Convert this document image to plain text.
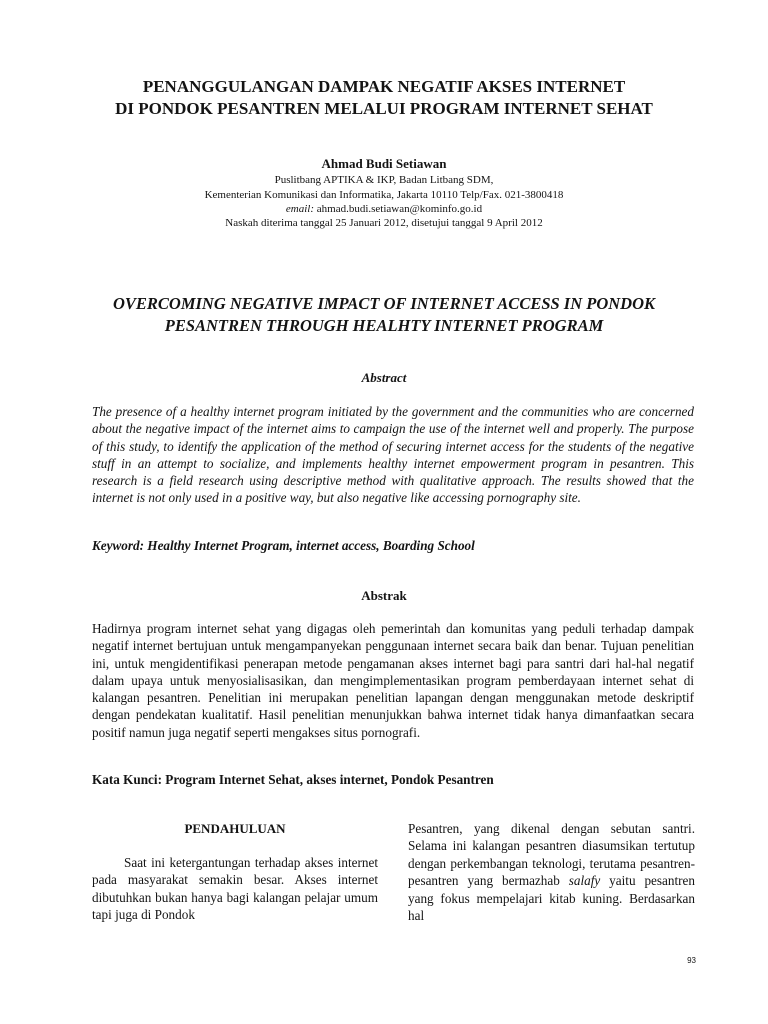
PENANGGULANGAN DAMPAK NEGATIF AKSES INTERNET
DI PONDOK PESANTREN MELALUI PROGRAM INTERNET SEHAT
Ahmad Budi Setiawan
Puslitbang APTIKA & IKP, Badan Litbang SDM,
Kementerian Komunikasi dan Informatika, Jakarta 10110 Telp/Fax. 021-3800418
email: ahmad.budi.setiawan@kominfo.go.id
Naskah diterima tanggal 25 Januari 2012, disetujui tanggal 9 April 2012
OVERCOMING NEGATIVE IMPACT OF INTERNET ACCESS IN PONDOK
PESANTREN THROUGH HEALHTY INTERNET PROGRAM
Abstract

The presence of a healthy internet program initiated by the government and the communities who are concerned about the negative impact of the internet aims to campaign the use of the internet well and properly. The purpose of this study, to identify the application of the method of securing internet access for the students of the negative stuff in an attempt to socialize, and implements healthy internet empowerment program in pesantren. This research is a field research using descriptive method with qualitative approach. The results showed that the internet is not only used in a positive way, but also negative like accessing pornography site.

Keyword: Healthy Internet Program, internet access, Boarding School
Abstrak

Hadirnya program internet sehat yang digagas oleh pemerintah dan komunitas yang peduli terhadap dampak negatif internet bertujuan untuk mengampanyekan penggunaan internet secara baik dan benar. Tujuan penelitian ini, untuk mengidentifikasi penerapan metode pengamanan akses internet bagi para santri dari hal-hal negatif dalam upaya untuk menyosialisasikan, dan mengimplementasikan program pemberdayaan internet sehat di kalangan pesantren. Penelitian ini merupakan penelitian lapangan dengan menggunakan metode deskriptif dengan pendekatan kualitatif. Hasil penelitian menunjukkan bahwa internet tidak hanya dimanfaatkan secara positif namun juga negatif seperti mengakses situs pornografi.

Kata Kunci: Program Internet Sehat, akses internet, Pondok Pesantren
PENDAHULUAN

Saat ini ketergantungan terhadap akses internet pada masyarakat semakin besar. Akses internet dibutuhkan bukan hanya bagi kalangan pelajar umum tapi juga di Pondok

Pesantren, yang dikenal dengan sebutan santri. Selama ini kalangan pesantren diasumsikan tertutup dengan perkembangan teknologi, terutama pesantren-pesantren yang bermazhab salafy yaitu pesantren yang fokus mempelajari kitab kuning. Berdasarkan hal

93
